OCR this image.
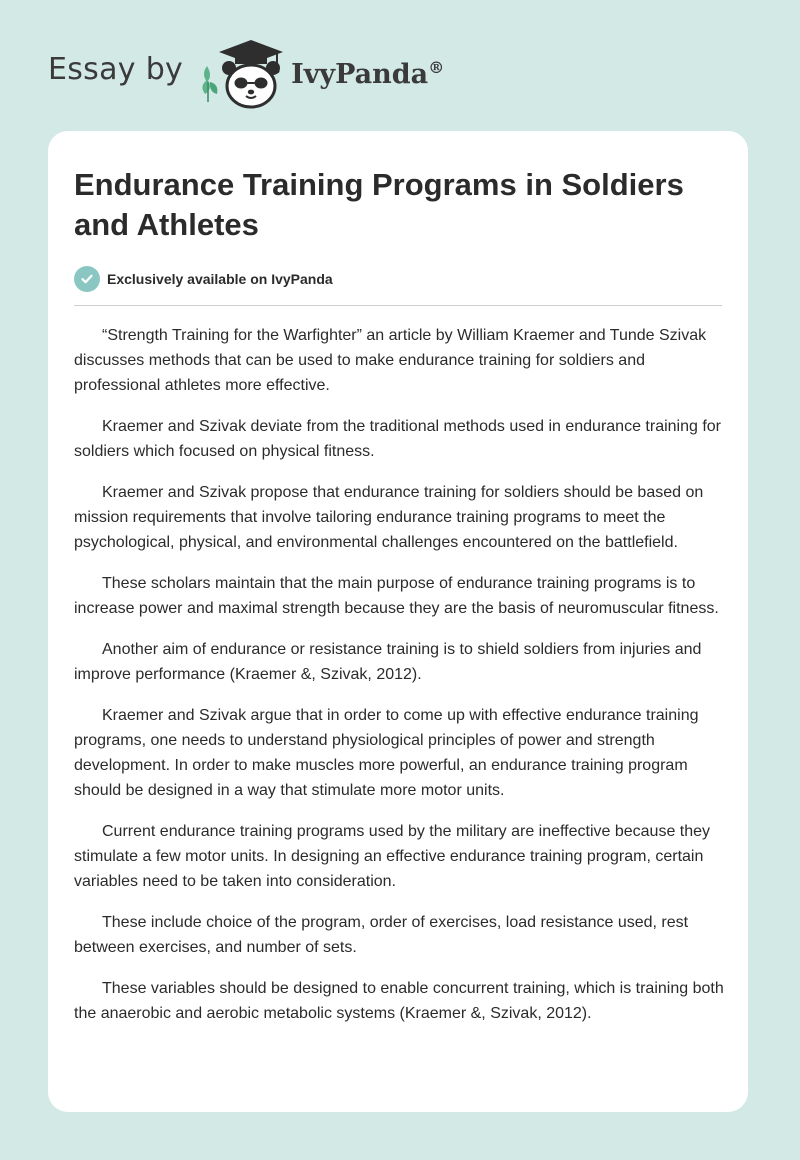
Essay by	IvyPanda®
Endurance Training Programs in Soldiers and Athletes
Exclusively available on IvyPanda

“Strength Training for the Warfighter” an article by William Kraemer and Tunde Szivak discusses methods that can be used to make endurance training for soldiers and professional athletes more effective.

Kraemer and Szivak deviate from the traditional methods used in endurance training for soldiers which focused on physical fitness.

Kraemer and Szivak propose that endurance training for soldiers should be based on mission requirements that involve tailoring endurance training programs to meet the psychological, physical, and environmental challenges encountered on the battlefield.

These scholars maintain that the main purpose of endurance training programs is to increase power and maximal strength because they are the basis of neuromuscular fitness.

Another aim of endurance or resistance training is to shield soldiers from injuries and improve performance (Kraemer &, Szivak, 2012).

Kraemer and Szivak argue that in order to come up with effective endurance training programs, one needs to understand physiological principles of power and strength development. In order to make muscles more powerful, an endurance training program should be designed in a way that stimulate more motor units.

Current endurance training programs used by the military are ineffective because they stimulate a few motor units. In designing an effective endurance training program, certain variables need to be taken into consideration.

These include choice of the program, order of exercises, load resistance used, rest between exercises, and number of sets.

These variables should be designed to enable concurrent training, which is training both the anaerobic and aerobic metabolic systems (Kraemer &, Szivak, 2012).
